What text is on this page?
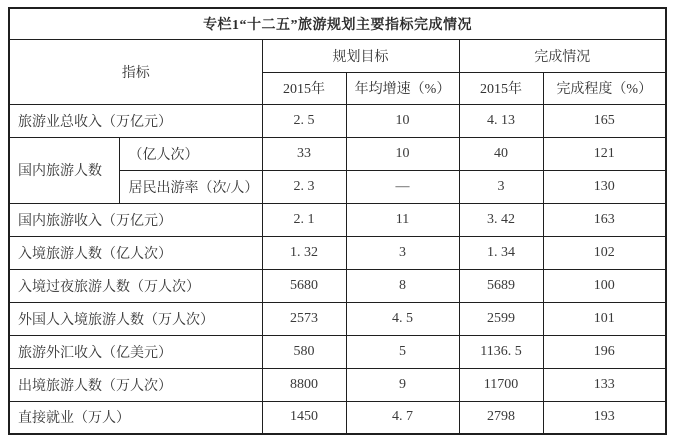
专栏1“十二五”旅游规划主要指标完成情况					
指标		规划目标		完成情况	
		2015年	年均增速（%）	2015年	完成程度（%）
旅游业总收入（万亿元）		2. 5	10	4. 13	165
国内旅游人数	（亿人次）	33	10	40	121
	居民出游率（次/人）	2. 3	—	3	130
国内旅游收入（万亿元）		2. 1	11	3. 42	163
入境旅游人数（亿人次）		1. 32	3	1. 34	102
入境过夜旅游人数（万人次）		5680	8	5689	100
外国人入境旅游人数（万人次）		2573	4. 5	2599	101
旅游外汇收入（亿美元）		580	5	1136. 5	196
出境旅游人数（万人次）		8800	9	11700	133
直接就业（万人）		1450	4. 7	2798	193
